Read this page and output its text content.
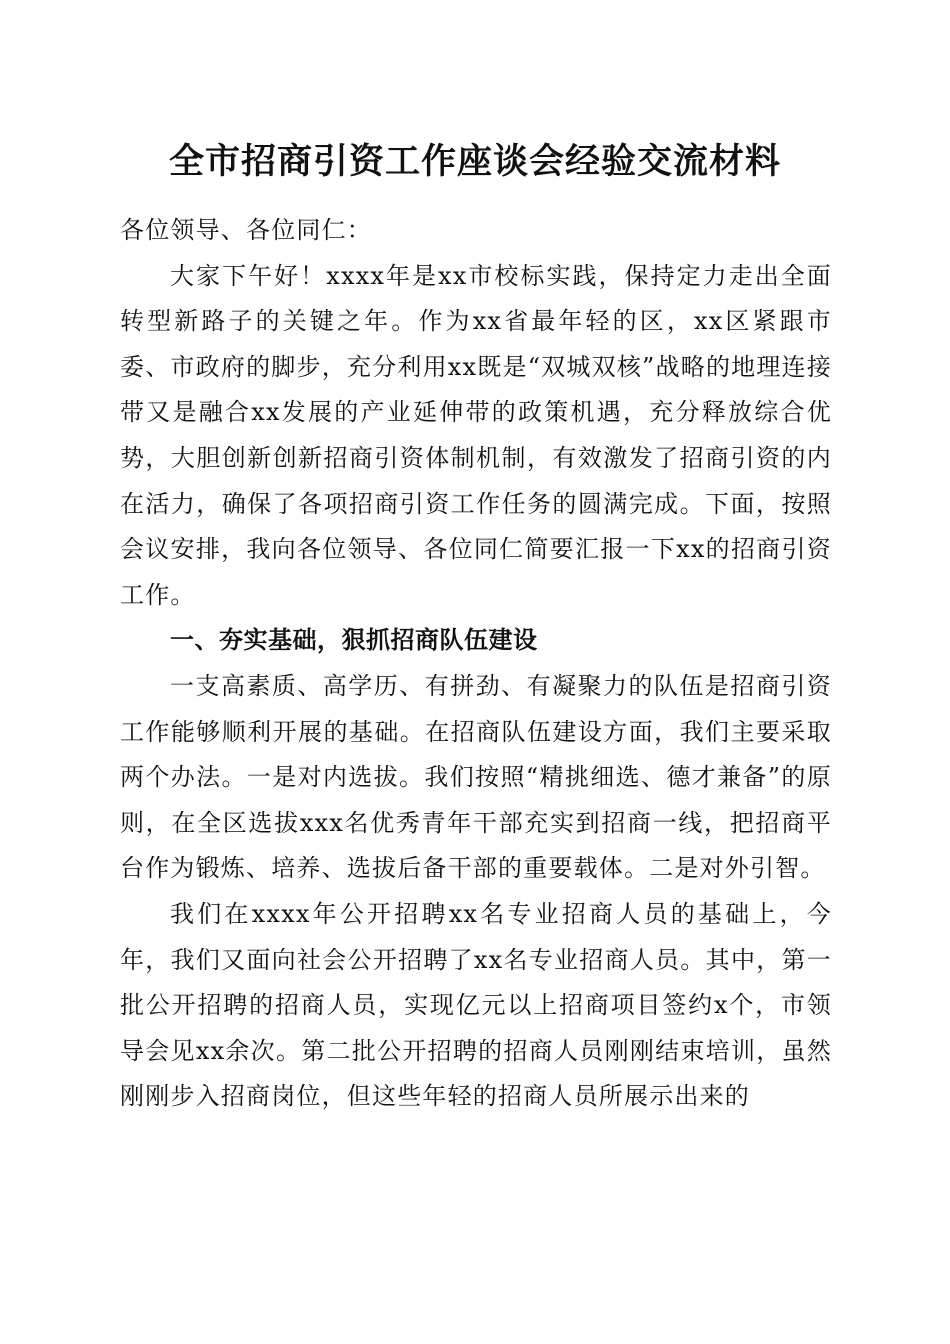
全市招商引资工作座谈会经验交流材料

各位领导、各位同仁：

大家下午好！xxxx年是xx市校标实践，保持定力走出全面转型新路子的关键之年。作为xx省最年轻的区，xx区紧跟市委、市政府的脚步，充分利用xx既是“双城双核”战略的地理连接带又是融合xx发展的产业延伸带的政策机遇，充分释放综合优势，大胆创新创新招商引资体制机制，有效激发了招商引资的内在活力，确保了各项招商引资工作任务的圆满完成。下面，按照会议安排，我向各位领导、各位同仁简要汇报一下xx的招商引资工作。

一、夯实基础，狠抓招商队伍建设

一支高素质、高学历、有拼劲、有凝聚力的队伍是招商引资工作能够顺利开展的基础。在招商队伍建设方面，我们主要采取两个办法。一是对内选拔。我们按照“精挑细选、德才兼备”的原则，在全区选拔xxx名优秀青年干部充实到招商一线，把招商平台作为锻炼、培养、选拔后备干部的重要载体。二是对外引智。

我们在xxxx年公开招聘xx名专业招商人员的基础上，今年，我们又面向社会公开招聘了xx名专业招商人员。其中，第一批公开招聘的招商人员，实现亿元以上招商项目签约x个，市领导会见xx余次。第二批公开招聘的招商人员刚刚结束培训，虽然刚刚步入招商岗位，但这些年轻的招商人员所展示出来的
